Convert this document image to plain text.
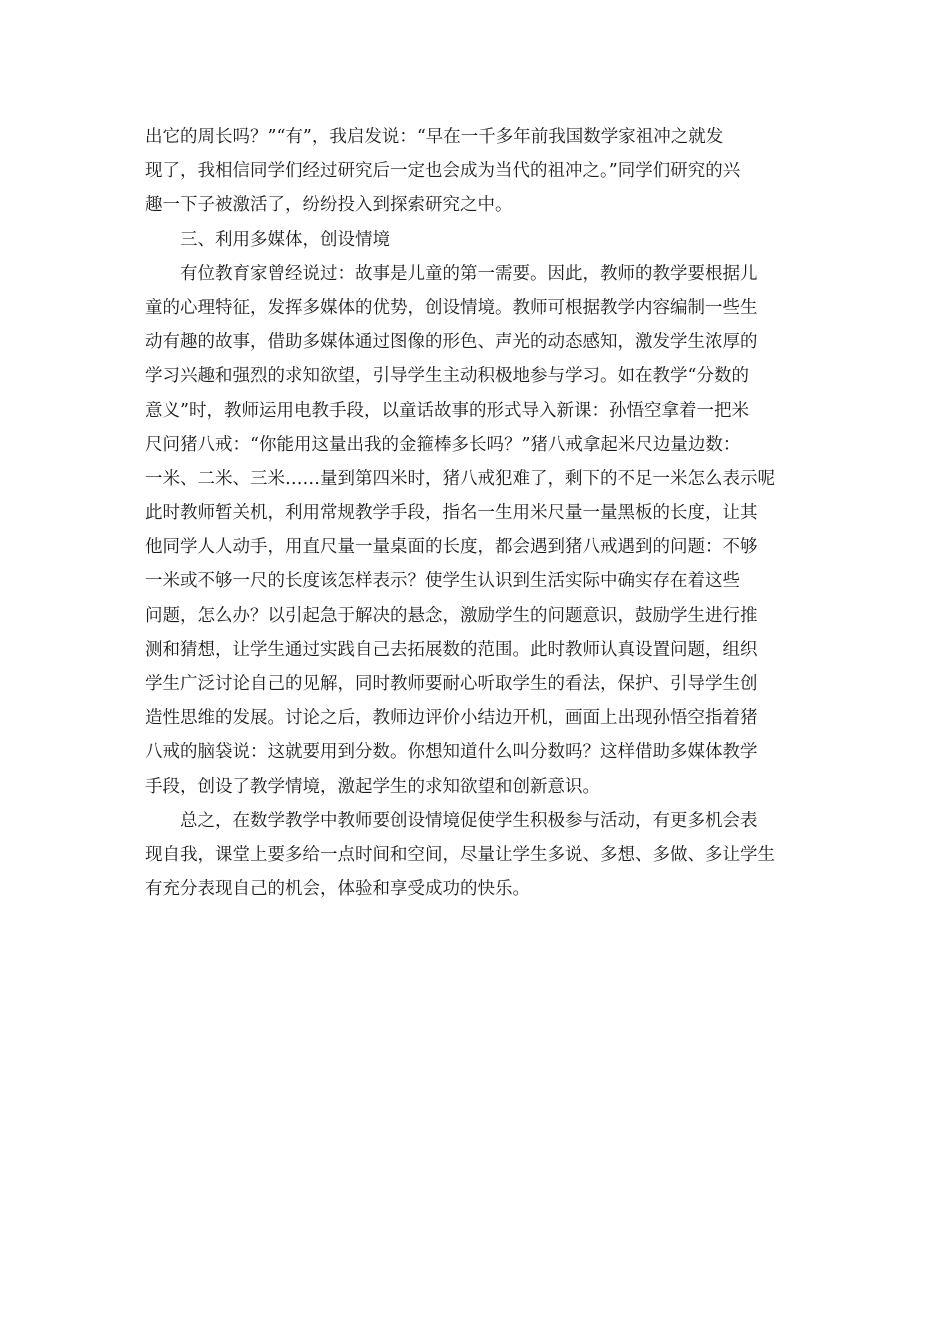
出它的周长吗？”“有”，我启发说：“早在一千多年前我国数学家祖冲之就发
现了，我相信同学们经过研究后一定也会成为当代的祖冲之。”同学们研究的兴
趣一下子被激活了，纷纷投入到探索研究之中。
　　三、利用多媒体，创设情境
　　有位教育家曾经说过：故事是儿童的第一需要。因此，教师的教学要根据儿
童的心理特征，发挥多媒体的优势，创设情境。教师可根据教学内容编制一些生
动有趣的故事，借助多媒体通过图像的形色、声光的动态感知，激发学生浓厚的
学习兴趣和强烈的求知欲望，引导学生主动积极地参与学习。如在教学“分数的
意义”时，教师运用电教手段，以童话故事的形式导入新课：孙悟空拿着一把米
尺问猪八戒：“你能用这量出我的金箍棒多长吗？”猪八戒拿起米尺边量边数：
一米、二米、三米……量到第四米时，猪八戒犯难了，剩下的不足一米怎么表示呢
此时教师暂关机，利用常规教学手段，指名一生用米尺量一量黑板的长度，让其
他同学人人动手，用直尺量一量桌面的长度，都会遇到猪八戒遇到的问题：不够
一米或不够一尺的长度该怎样表示？使学生认识到生活实际中确实存在着这些
问题，怎么办？以引起急于解决的悬念，激励学生的问题意识，鼓励学生进行推
测和猜想，让学生通过实践自己去拓展数的范围。此时教师认真设置问题，组织
学生广泛讨论自己的见解，同时教师要耐心听取学生的看法，保护、引导学生创
造性思维的发展。讨论之后，教师边评价小结边开机，画面上出现孙悟空指着猪
八戒的脑袋说：这就要用到分数。你想知道什么叫分数吗？这样借助多媒体教学
手段，创设了教学情境，激起学生的求知欲望和创新意识。
　　总之，在数学教学中教师要创设情境促使学生积极参与活动，有更多机会表
现自我，课堂上要多给一点时间和空间，尽量让学生多说、多想、多做、多让学生
有充分表现自己的机会，体验和享受成功的快乐。
